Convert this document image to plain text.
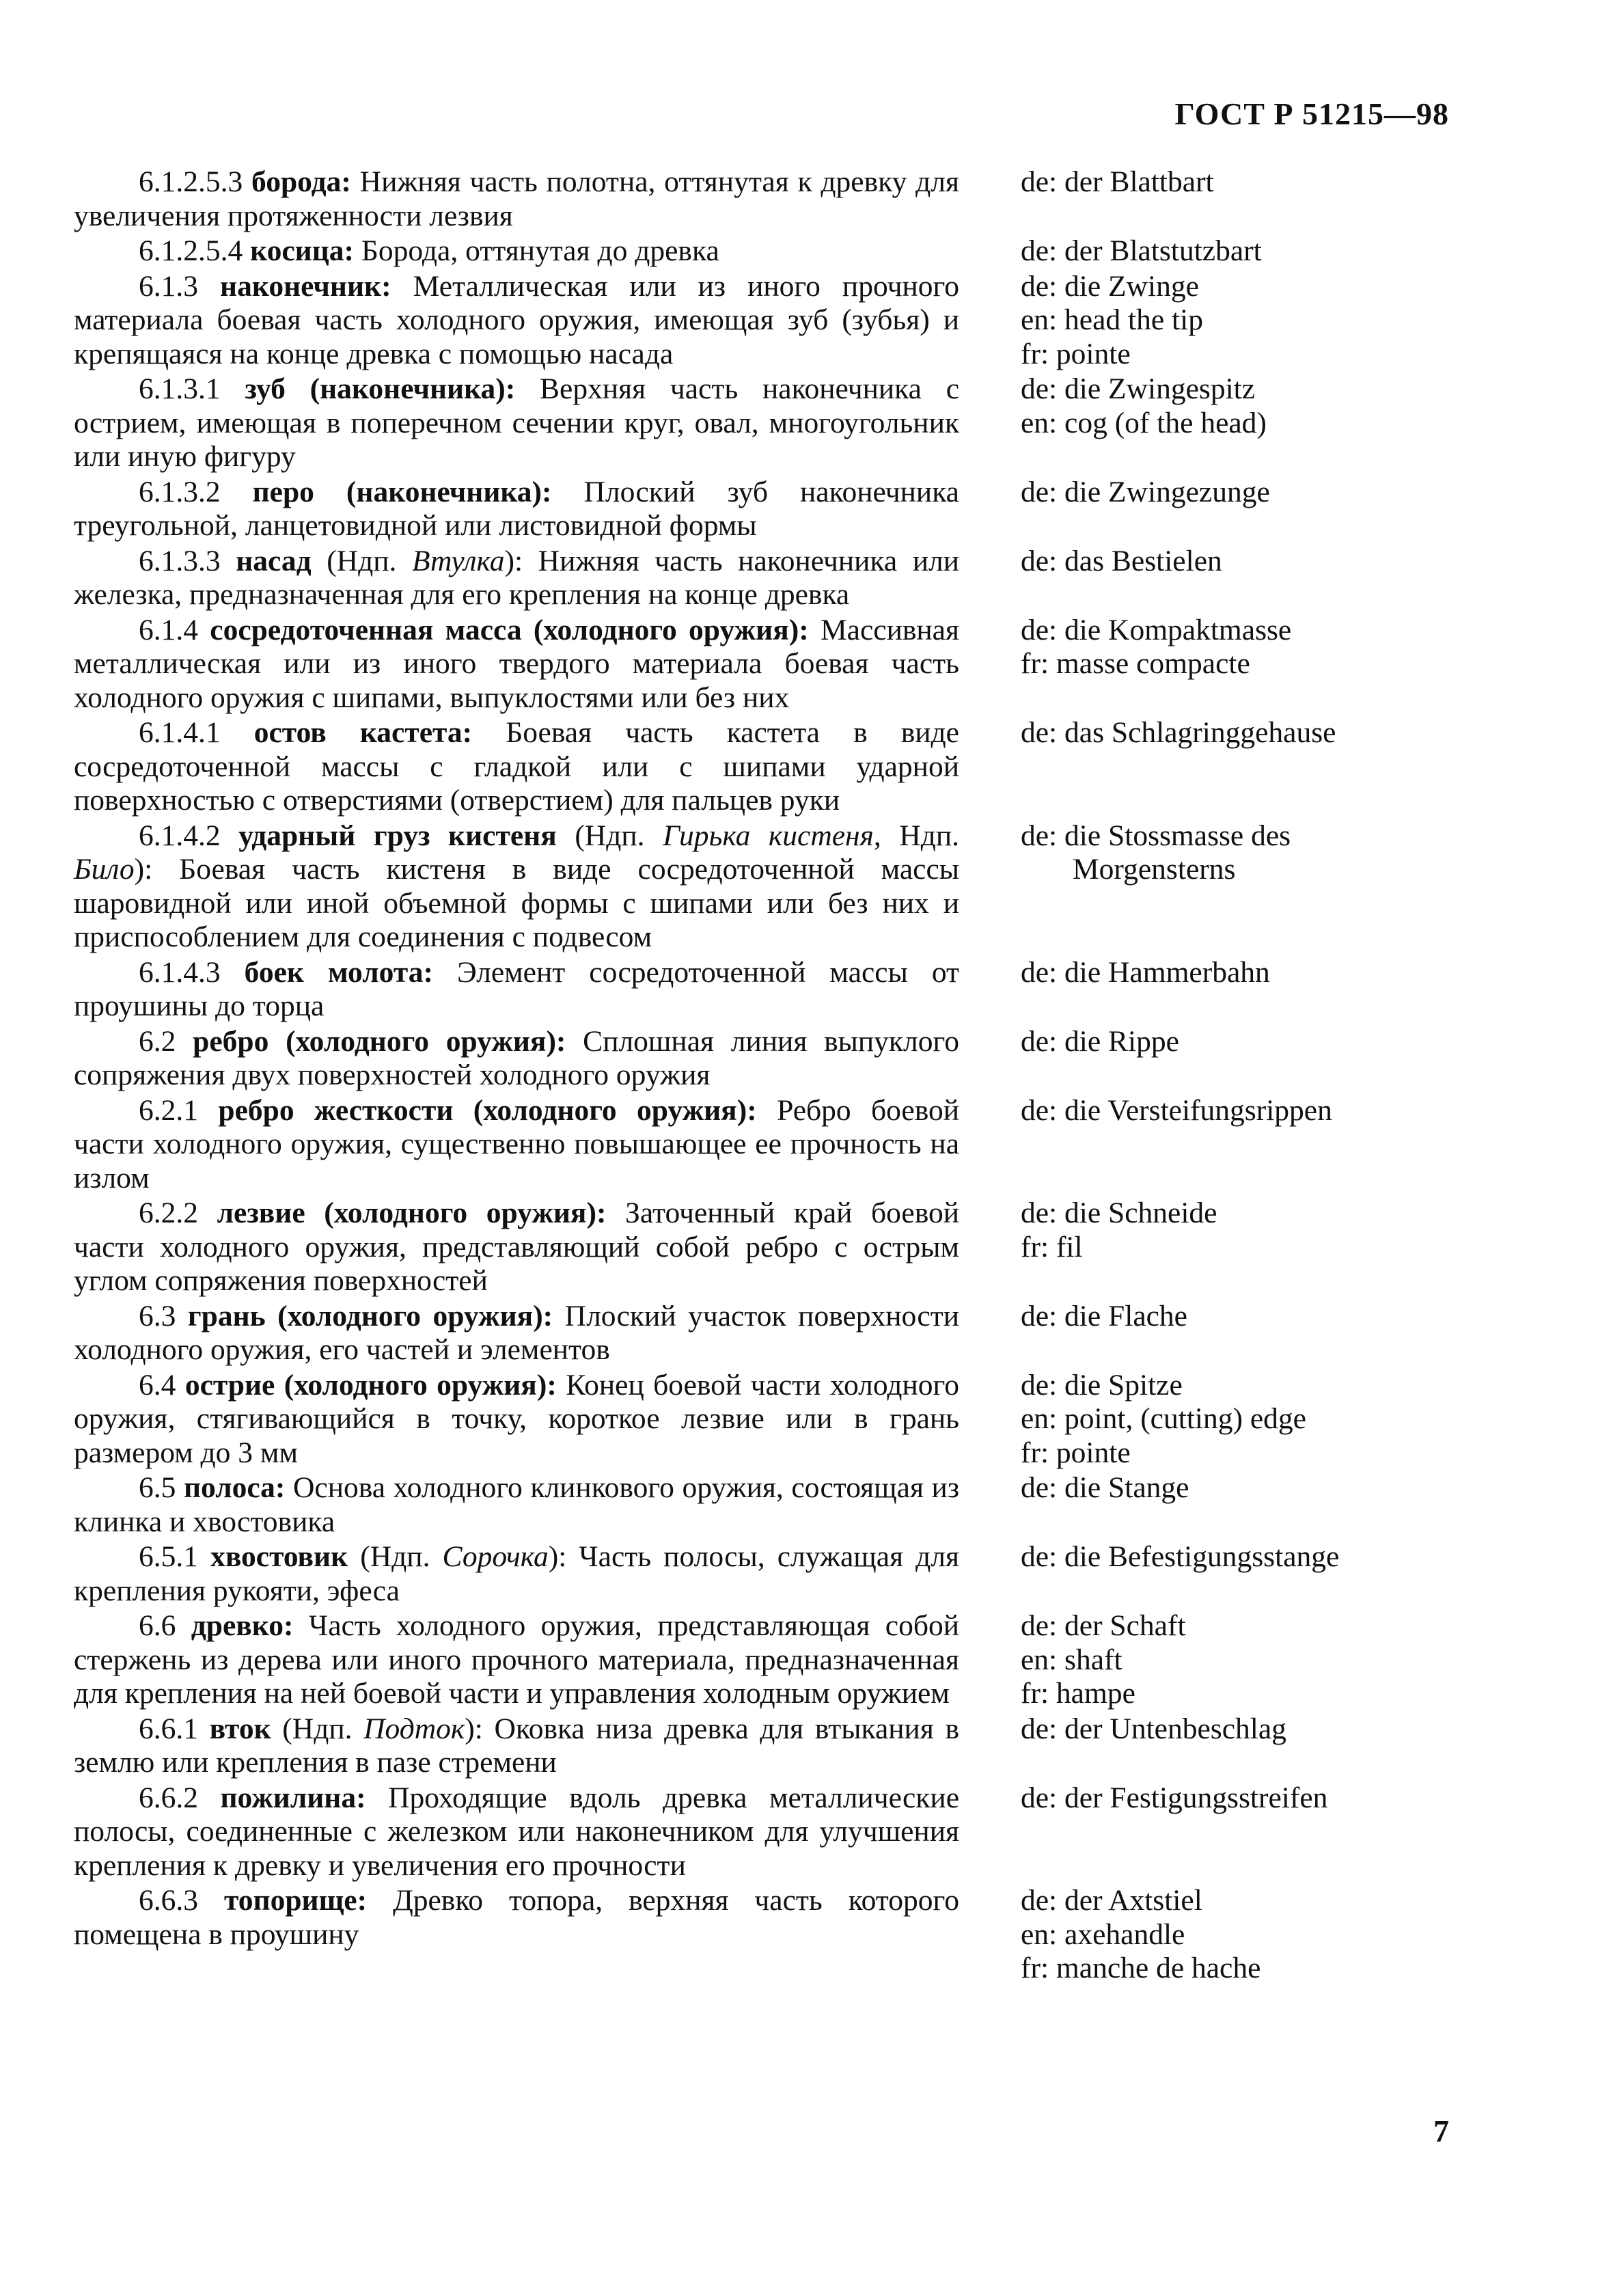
ГОСТ Р 51215—98
6.1.2.5.3 борода: Нижняя часть полотна, оттянутая к древку для увеличения протяженности лезвия
de: der Blattbart
6.1.2.5.4 косица: Борода, оттянутая до древка	de: der Blatstutzbart
6.1.3 наконечник: Металлическая или из иного прочного материала боевая часть холодного оружия, имеющая зуб (зубья) и крепящаяся на конце древка с помощью насада
de: die Zwinge
en: head the tip
fr: pointe
6.1.3.1 зуб (наконечника): Верхняя часть наконечника с острием, имеющая в поперечном сечении круг, овал, многоугольник или иную фигуру
de: die Zwingespitz
en: cog (of the head)
6.1.3.2 перо (наконечника): Плоский зуб наконечника треугольной, ланцетовидной или листовидной формы
de: die Zwingezunge
6.1.3.3 насад (Ндп. Втулка): Нижняя часть наконечника или железка, предназначенная для его крепления на конце древка
de: das Bestielen
6.1.4 сосредоточенная масса (холодного оружия): Массивная металлическая или из иного твердого материала боевая часть холодного оружия с шипами, выпуклостями или без них
de: die Kompaktmasse
fr: masse compacte
6.1.4.1 остов кастета: Боевая часть кастета в виде сосредоточенной массы с гладкой или с шипами ударной поверхностью с отверстиями (отверстием) для пальцев руки
de: das Schlagringgehause
6.1.4.2 ударный груз кистеня (Ндп. Гирька кистеня, Ндп. Било): Боевая часть кистеня в виде сосредоточенной массы шаровидной или иной объемной формы с шипами или без них и приспособлением для соединения с подвесом
de: die Stossmasse des
Morgensterns
6.1.4.3 боек молота: Элемент сосредоточенной массы от проушины до торца
de: die Hammerbahn
6.2 ребро (холодного оружия): Сплошная линия выпуклого сопряжения двух поверхностей холодного оружия
de: die Rippe
6.2.1 ребро жесткости (холодного оружия): Ребро боевой части холодного оружия, существенно повышающее ее прочность на излом
de: die Versteifungsrippen
6.2.2 лезвие (холодного оружия): Заточенный край боевой части холодного оружия, представляющий собой ребро с острым углом сопряжения поверхностей
de: die Schneide
fr: fil
6.3 грань (холодного оружия): Плоский участок поверхности холодного оружия, его частей и элементов
de: die Flache
6.4 острие (холодного оружия): Конец боевой части холодного оружия, стягивающийся в точку, короткое лезвие или в грань размером до 3 мм
de: die Spitze
en: point, (cutting) edge
fr: pointe
6.5 полоса: Основа холодного клинкового оружия, состоящая из клинка и хвостовика
de: die Stange
6.5.1 хвостовик (Ндп. Сорочка): Часть полосы, служащая для крепления рукояти, эфеса
de: die Befestigungsstange
6.6 древко: Часть холодного оружия, представляющая собой стержень из дерева или иного прочного материала, предназначенная для крепления на ней боевой части и управления холодным оружием
de: der Schaft
en: shaft
fr: hampe
6.6.1 вток (Ндп. Подток): Оковка низа древка для втыкания в землю или крепления в пазе стремени
de: der Untenbeschlag
6.6.2 пожилина: Проходящие вдоль древка металлические полосы, соединенные с железком или наконечником для улучшения крепления к древку и увеличения его прочности
de: der Festigungsstreifen
6.6.3 топорище: Древко топора, верхняя часть которого помещена в проушину
de: der Axtstiel
en: axehandle
fr: manche de hache
7
